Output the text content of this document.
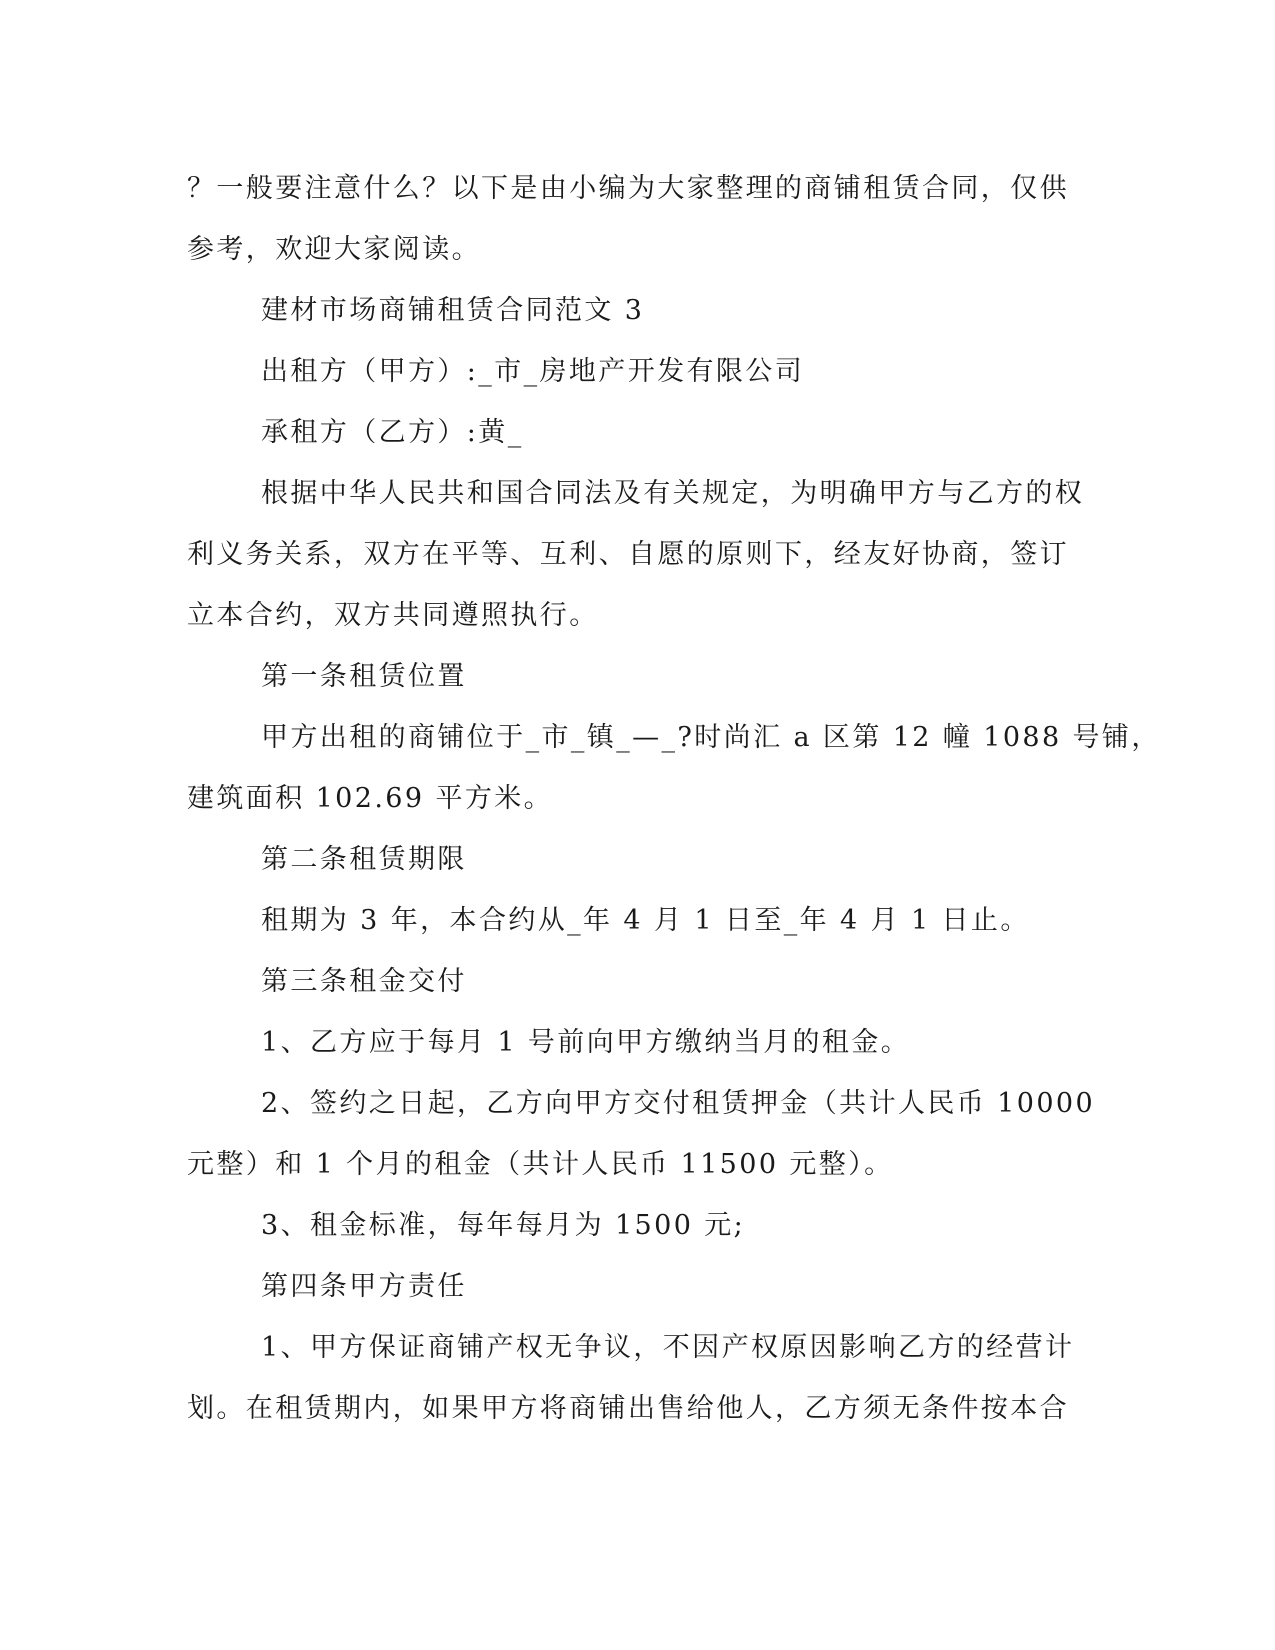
？一般要注意什么？以下是由小编为大家整理的商铺租赁合同，仅供

参考，欢迎大家阅读。

建材市场商铺租赁合同范文 3

出租方（甲方）:_市_房地产开发有限公司

承租方（乙方）:黄_

根据中华人民共和国合同法及有关规定，为明确甲方与乙方的权

利义务关系，双方在平等、互利、自愿的原则下，经友好协商，签订

立本合约，双方共同遵照执行。

第一条租赁位置

甲方出租的商铺位于_市_镇_—_?时尚汇 a 区第 12 幢 1088 号铺，

建筑面积 102.69 平方米。

第二条租赁期限

租期为 3 年，本合约从_年 4 月 1 日至_年 4 月 1 日止。

第三条租金交付

1、乙方应于每月 1 号前向甲方缴纳当月的租金。

2、签约之日起，乙方向甲方交付租赁押金（共计人民币 10000

元整）和 1 个月的租金（共计人民币 11500 元整）。

3、租金标准，每年每月为 1500 元;

第四条甲方责任

1、甲方保证商铺产权无争议，不因产权原因影响乙方的经营计

划。在租赁期内，如果甲方将商铺出售给他人，乙方须无条件按本合
